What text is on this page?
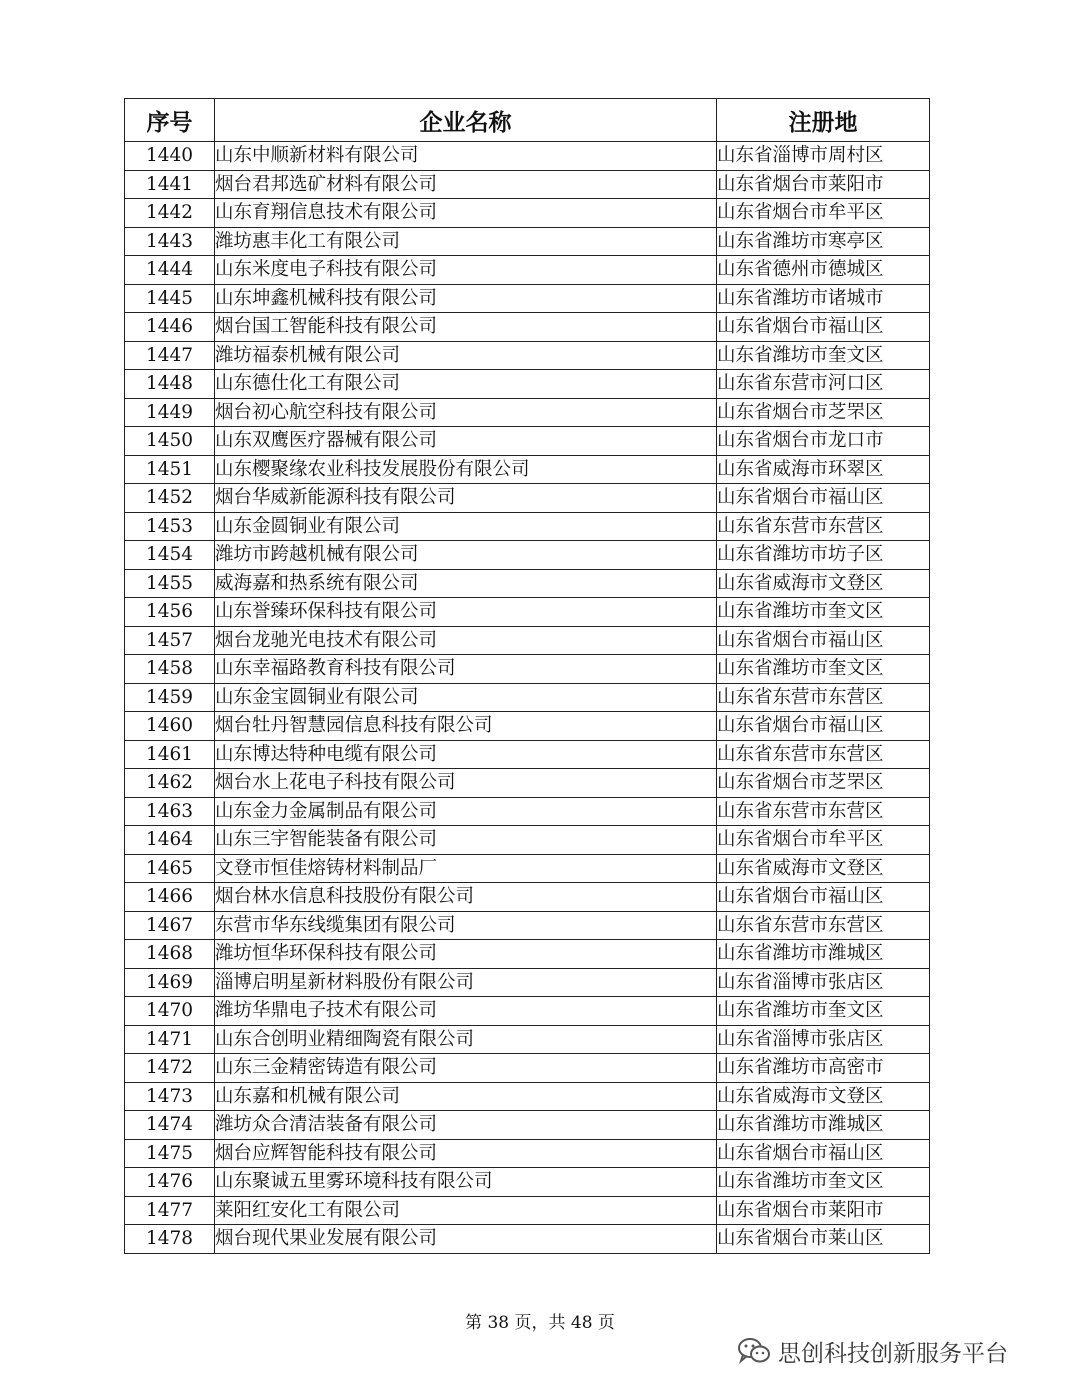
序号	企业名称	注册地
1440	山东中顺新材料有限公司	山东省淄博市周村区
1441	烟台君邦选矿材料有限公司	山东省烟台市莱阳市
1442	山东育翔信息技术有限公司	山东省烟台市牟平区
1443	潍坊惠丰化工有限公司	山东省潍坊市寒亭区
1444	山东米度电子科技有限公司	山东省德州市德城区
1445	山东坤鑫机械科技有限公司	山东省潍坊市诸城市
1446	烟台国工智能科技有限公司	山东省烟台市福山区
1447	潍坊福泰机械有限公司	山东省潍坊市奎文区
1448	山东德仕化工有限公司	山东省东营市河口区
1449	烟台初心航空科技有限公司	山东省烟台市芝罘区
1450	山东双鹰医疗器械有限公司	山东省烟台市龙口市
1451	山东樱聚缘农业科技发展股份有限公司	山东省威海市环翠区
1452	烟台华威新能源科技有限公司	山东省烟台市福山区
1453	山东金圆铜业有限公司	山东省东营市东营区
1454	潍坊市跨越机械有限公司	山东省潍坊市坊子区
1455	威海嘉和热系统有限公司	山东省威海市文登区
1456	山东誉臻环保科技有限公司	山东省潍坊市奎文区
1457	烟台龙驰光电技术有限公司	山东省烟台市福山区
1458	山东幸福路教育科技有限公司	山东省潍坊市奎文区
1459	山东金宝圆铜业有限公司	山东省东营市东营区
1460	烟台牡丹智慧园信息科技有限公司	山东省烟台市福山区
1461	山东博达特种电缆有限公司	山东省东营市东营区
1462	烟台水上花电子科技有限公司	山东省烟台市芝罘区
1463	山东金力金属制品有限公司	山东省东营市东营区
1464	山东三宇智能装备有限公司	山东省烟台市牟平区
1465	文登市恒佳熔铸材料制品厂	山东省威海市文登区
1466	烟台林水信息科技股份有限公司	山东省烟台市福山区
1467	东营市华东线缆集团有限公司	山东省东营市东营区
1468	潍坊恒华环保科技有限公司	山东省潍坊市潍城区
1469	淄博启明星新材料股份有限公司	山东省淄博市张店区
1470	潍坊华鼎电子技术有限公司	山东省潍坊市奎文区
1471	山东合创明业精细陶瓷有限公司	山东省淄博市张店区
1472	山东三金精密铸造有限公司	山东省潍坊市高密市
1473	山东嘉和机械有限公司	山东省威海市文登区
1474	潍坊众合清洁装备有限公司	山东省潍坊市潍城区
1475	烟台应辉智能科技有限公司	山东省烟台市福山区
1476	山东聚诚五里雾环境科技有限公司	山东省潍坊市奎文区
1477	莱阳红安化工有限公司	山东省烟台市莱阳市
1478	烟台现代果业发展有限公司	山东省烟台市莱山区
第 38 页，共 48 页
思创科技创新服务平台
